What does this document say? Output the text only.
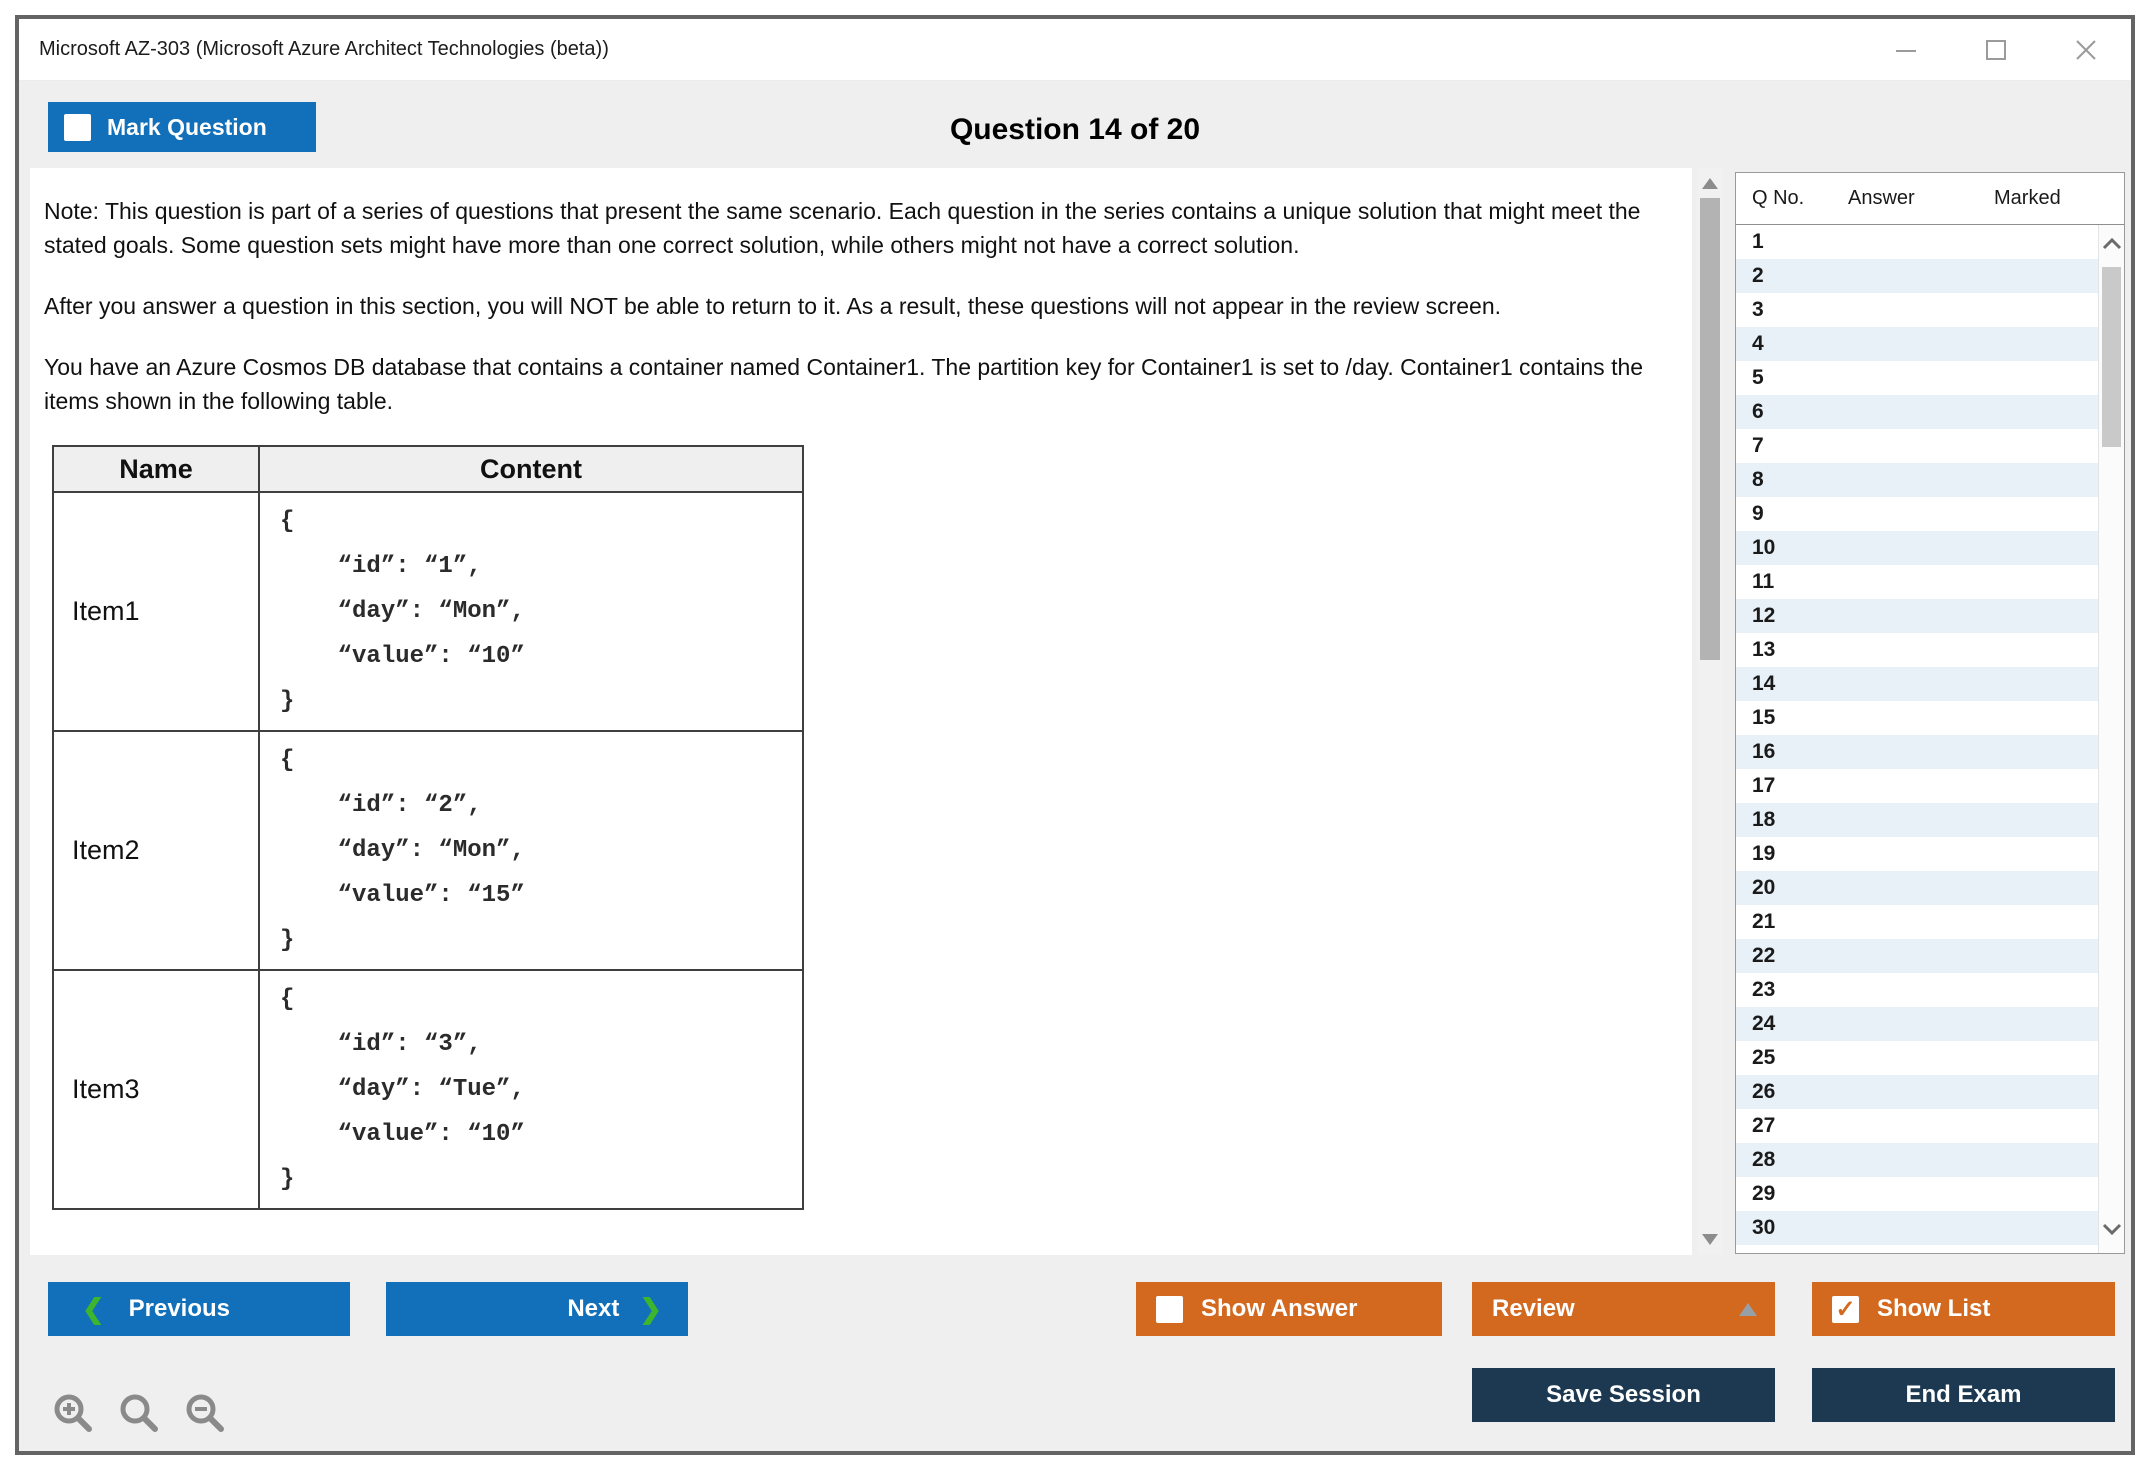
Microsoft AZ-303 (Microsoft Azure Architect Technologies (beta))
Mark Question	Question 14 of 20

Note: This question is part of a series of questions that present the same scenario. Each question in the series contains a unique solution that might meet the stated goals. Some question sets might have more than one correct solution, while others might not have a correct solution.

After you answer a question in this section, you will NOT be able to return to it. As a result, these questions will not appear in the review screen.

You have an Azure Cosmos DB database that contains a container named Container1. The partition key for Container1 is set to /day. Container1 contains the items shown in the following table.

Name	Content
Item1	{
“id”: “1”,
“day”: “Mon”,
“value”: “10”
}

Item2	{
“id”: “2”,
“day”: “Mon”,
“value”: “15”
}

Item3	{
“id”: “3”,
“day”: “Tue”,
“value”: “10”
}
Q No. Answer	Marked
1
2
3
4
5
6
7
8
9
10
11
12
13
14
15
16
17
18
19
20
21
22
23
24
25
26
27
28
29
30
❮ Previous	Next ❯	Show Answer	Review ✓	Show List
Save Session	End Exam
